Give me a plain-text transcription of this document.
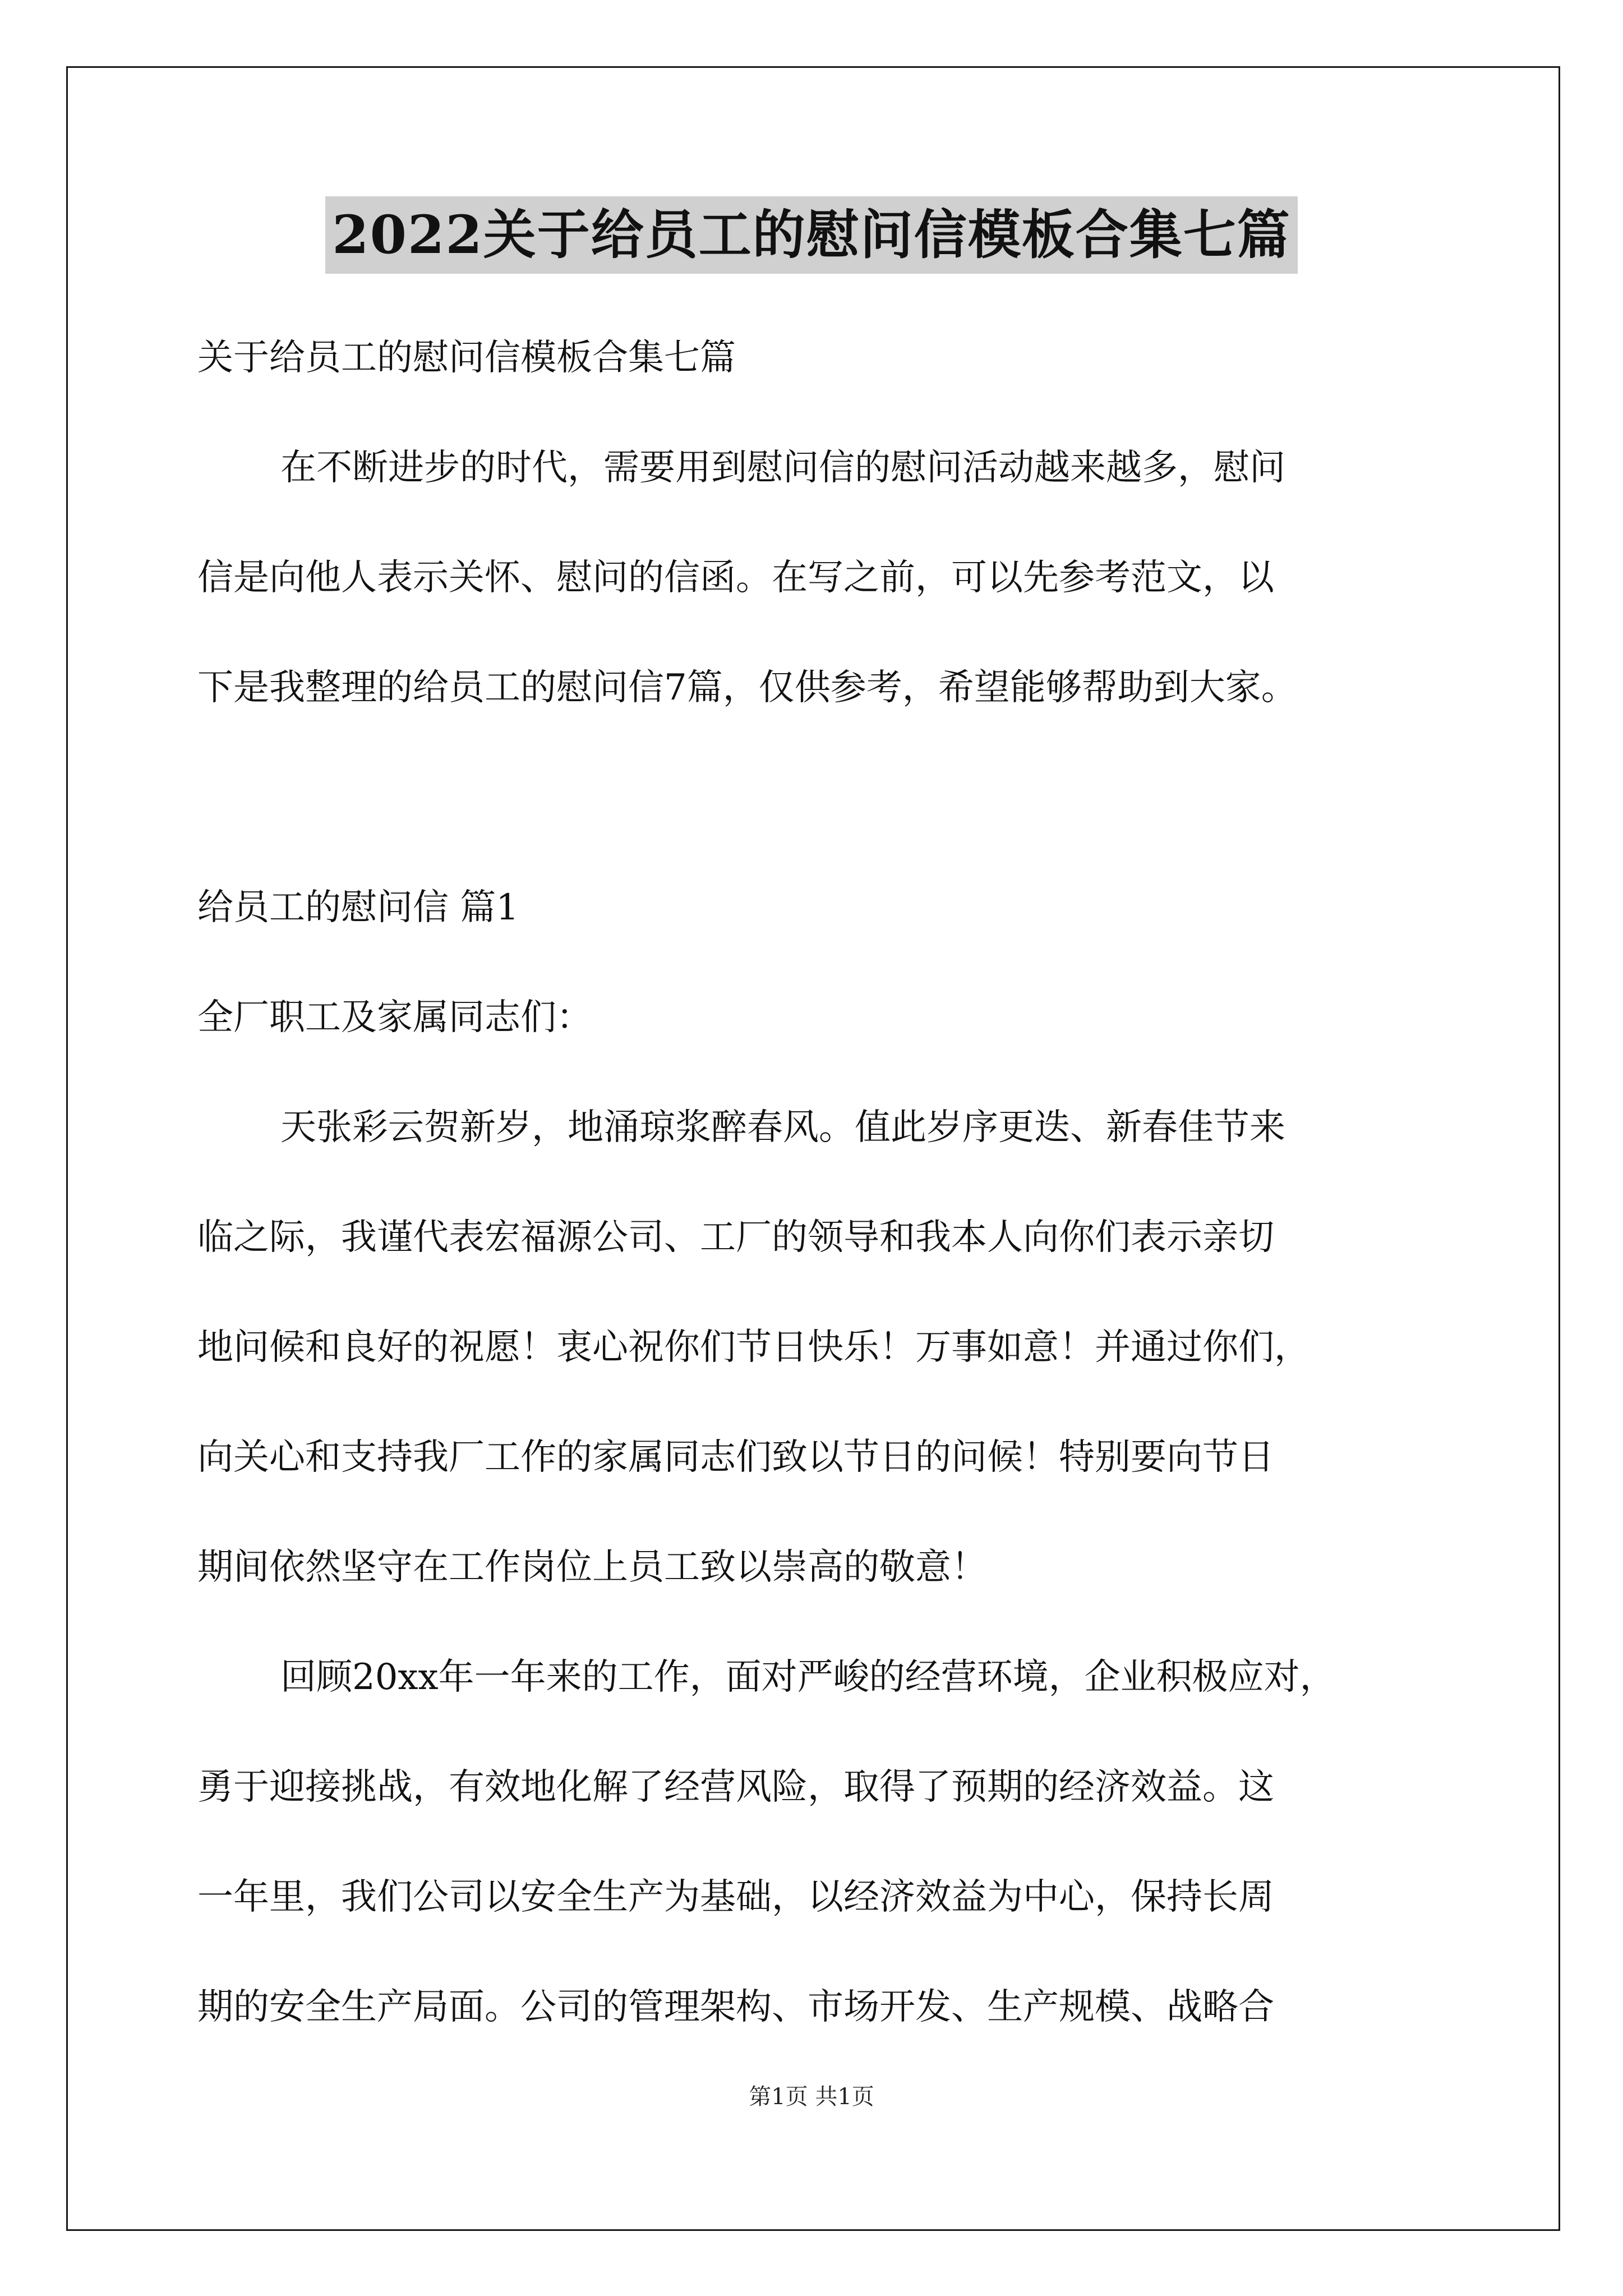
2022关于给员工的慰问信模板合集七篇
关于给员工的慰问信模板合集七篇
在不断进步的时代，需要用到慰问信的慰问活动越来越多，慰问
信是向他人表示关怀、慰问的信函。在写之前，可以先参考范文，以
下是我整理的给员工的慰问信7篇，仅供参考，希望能够帮助到大家。
给员工的慰问信 篇1
全厂职工及家属同志们：
天张彩云贺新岁，地涌琼浆醉春风。值此岁序更迭、新春佳节来
临之际，我谨代表宏福源公司、工厂的领导和我本人向你们表示亲切
地问候和良好的祝愿！衷心祝你们节日快乐！万事如意！并通过你们，
向关心和支持我厂工作的家属同志们致以节日的问候！特别要向节日
期间依然坚守在工作岗位上员工致以崇高的敬意！
回顾20xx年一年来的工作，面对严峻的经营环境，企业积极应对，
勇于迎接挑战，有效地化解了经营风险，取得了预期的经济效益。这
一年里，我们公司以安全生产为基础，以经济效益为中心，保持长周
期的安全生产局面。公司的管理架构、市场开发、生产规模、战略合
第1页 共1页
